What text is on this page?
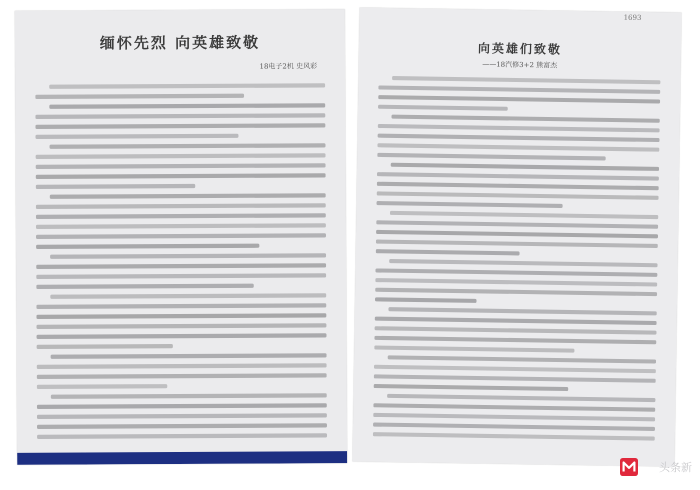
缅怀先烈 向英雄致敬
18电子2机 史风彩
1693
向英雄们致敬
——18汽修3+2 熊富杰
头条新
